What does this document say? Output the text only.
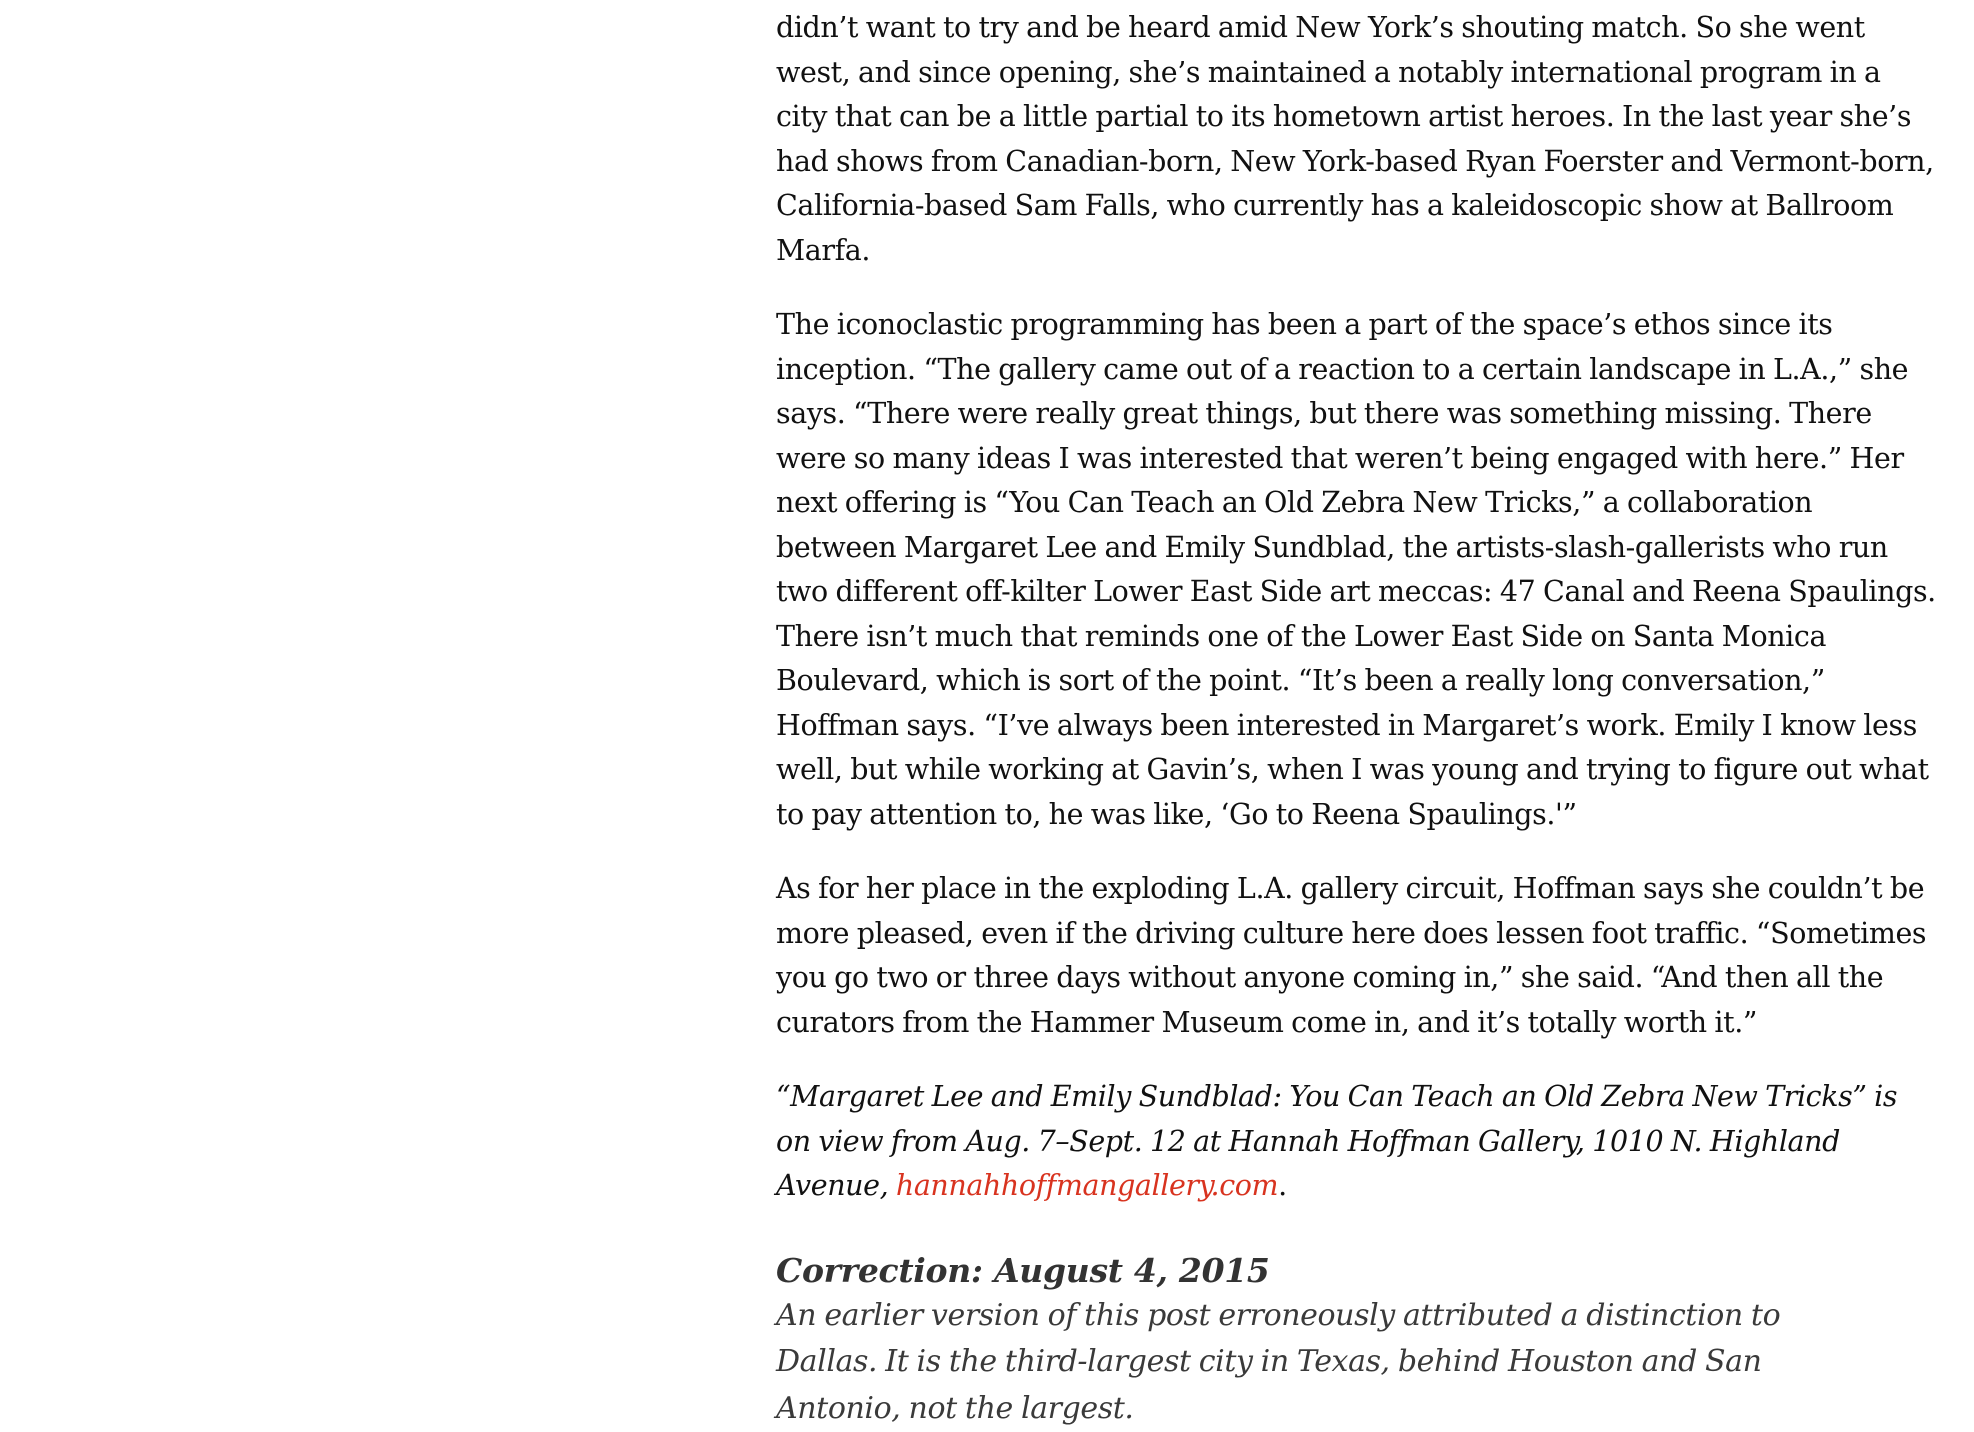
didn’t want to try and be heard amid New York’s shouting match. So she went west, and since opening, she’s maintained a notably international program in a city that can be a little partial to its hometown artist heroes. In the last year she’s had shows from Canadian-born, New York-based Ryan Foerster and Vermont-born, California-based Sam Falls, who currently has a kaleidoscopic show at Ballroom Marfa.

The iconoclastic programming has been a part of the space’s ethos since its inception. “The gallery came out of a reaction to a certain landscape in L.A.,” she says. “There were really great things, but there was something missing. There were so many ideas I was interested that weren’t being engaged with here.” Her next offering is “You Can Teach an Old Zebra New Tricks,” a collaboration between Margaret Lee and Emily Sundblad, the artists-slash-gallerists who run two different off-kilter Lower East Side art meccas: 47 Canal and Reena Spaulings. There isn’t much that reminds one of the Lower East Side on Santa Monica Boulevard, which is sort of the point. “It’s been a really long conversation,” Hoffman says. “I’ve always been interested in Margaret’s work. Emily I know less well, but while working at Gavin’s, when I was young and trying to figure out what to pay attention to, he was like, ‘Go to Reena Spaulings.'”

As for her place in the exploding L.A. gallery circuit, Hoffman says she couldn’t be more pleased, even if the driving culture here does lessen foot traffic. “Sometimes you go two or three days without anyone coming in,” she said. “And then all the curators from the Hammer Museum come in, and it’s totally worth it.”

“Margaret Lee and Emily Sundblad: You Can Teach an Old Zebra New Tricks” is on view from Aug. 7–Sept. 12 at Hannah Hoffman Gallery, 1010 N. Highland Avenue, hannahhoffmangallery.com.

Correction: August 4, 2015
An earlier version of this post erroneously attributed a distinction to Dallas. It is the third-largest city in Texas, behind Houston and San Antonio, not the largest.
